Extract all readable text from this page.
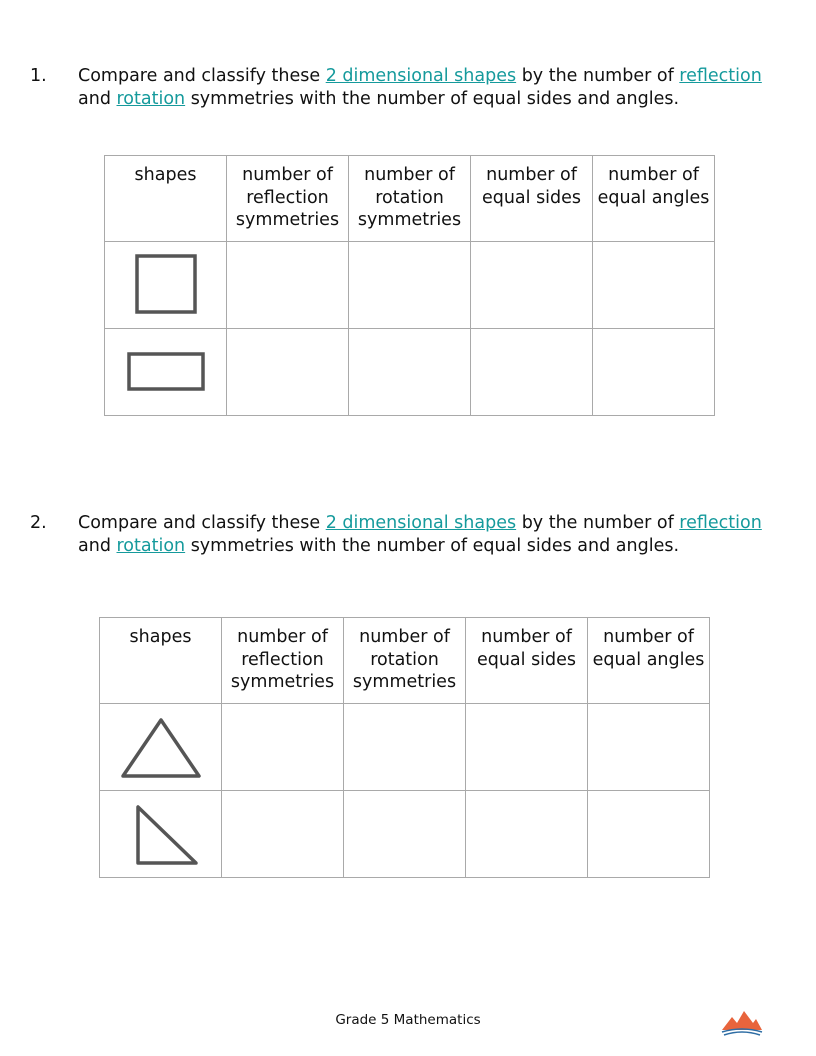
1. Compare and classify these 2 dimensional shapes by the number of reflection and rotation symmetries with the number of equal sides and angles.
shapes	number of reflection symmetries	number of rotation symmetries	number of equal sides	number of equal angles

2. Compare and classify these 2 dimensional shapes by the number of reflection and rotation symmetries with the number of equal sides and angles.
shapes	number of reflection symmetries	number of rotation symmetries	number of equal sides	number of equal angles

Grade 5 Mathematics
